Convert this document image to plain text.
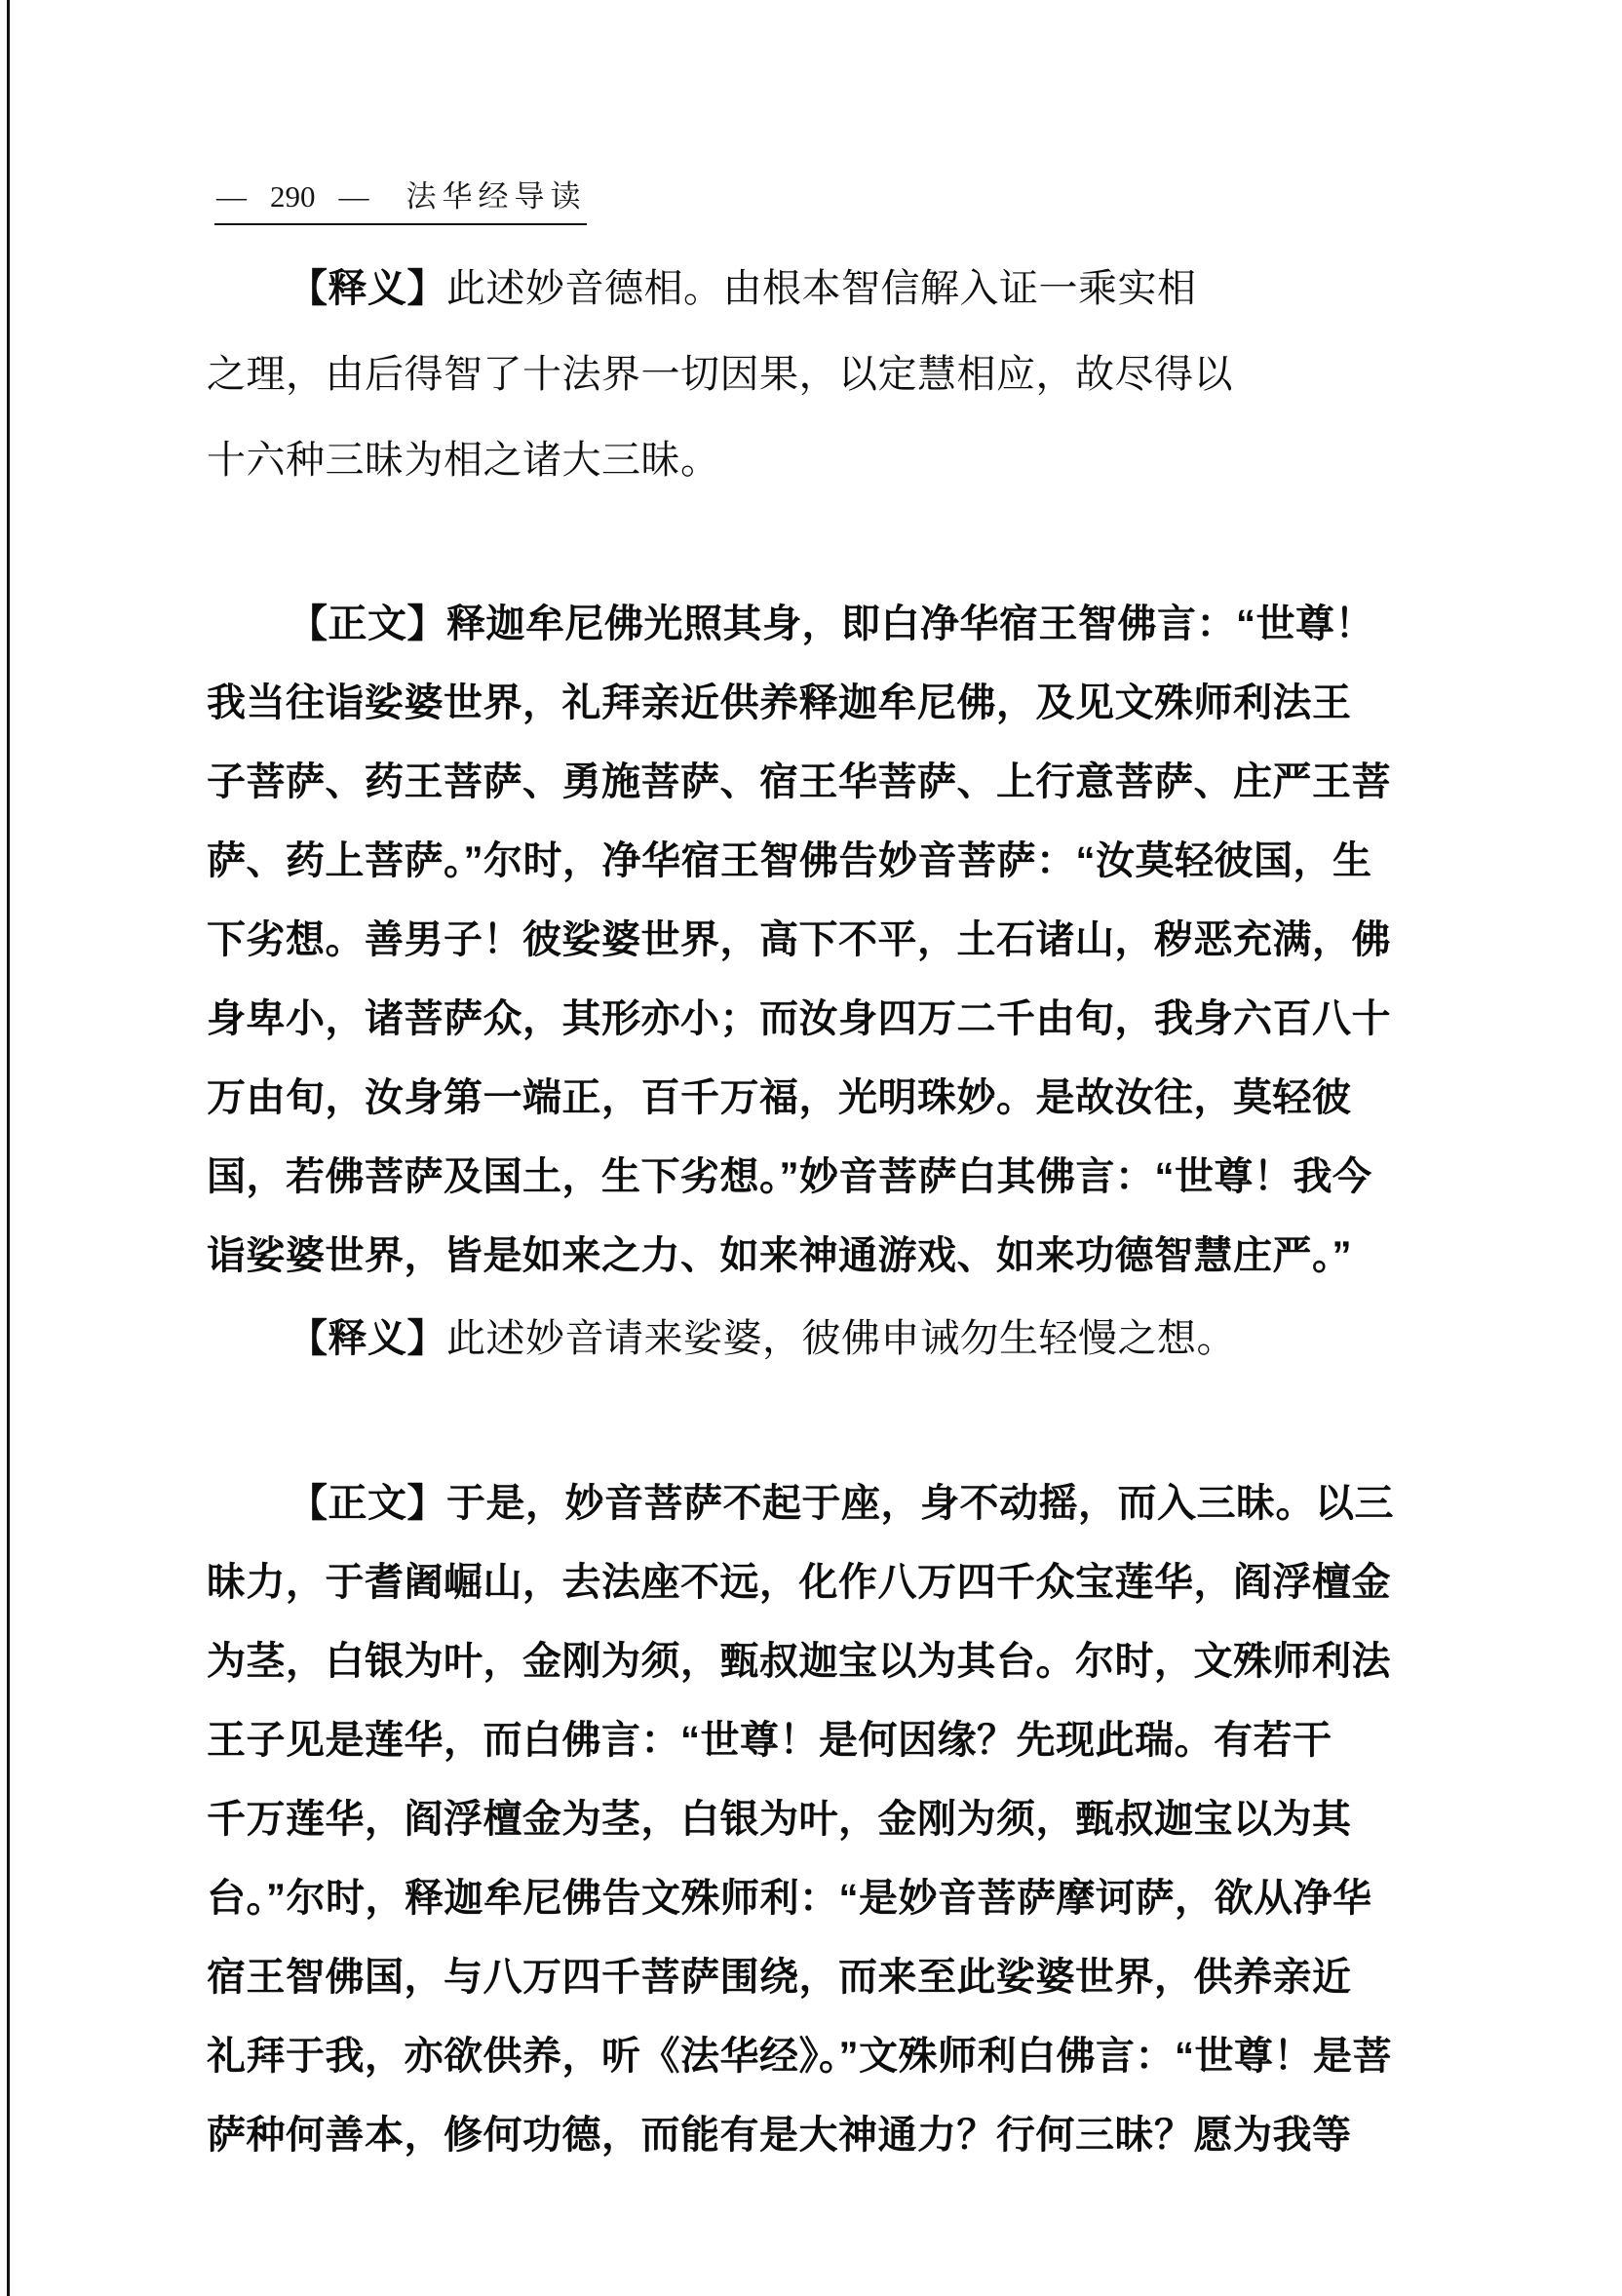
— 290 — 法华经导读
【释义】此述妙音德相。由根本智信解入证一乘实相
之理，由后得智了十法界一切因果，以定慧相应，故尽得以
十六种三昧为相之诸大三昧。
【正文】释迦牟尼佛光照其身，即白净华宿王智佛言：“世尊！
我当往诣娑婆世界，礼拜亲近供养释迦牟尼佛，及见文殊师利法王
子菩萨、药王菩萨、勇施菩萨、宿王华菩萨、上行意菩萨、庄严王菩
萨、药上菩萨。”尔时，净华宿王智佛告妙音菩萨：“汝莫轻彼国，生
下劣想。善男子！彼娑婆世界，高下不平，土石诸山，秽恶充满，佛
身卑小，诸菩萨众，其形亦小；而汝身四万二千由旬，我身六百八十
万由旬，汝身第一端正，百千万福，光明珠妙。是故汝往，莫轻彼
国，若佛菩萨及国土，生下劣想。”妙音菩萨白其佛言：“世尊！我今
诣娑婆世界，皆是如来之力、如来神通游戏、如来功德智慧庄严。”
【释义】此述妙音请来娑婆，彼佛申诫勿生轻慢之想。
【正文】于是，妙音菩萨不起于座，身不动摇，而入三昧。以三
昧力，于耆阇崛山，去法座不远，化作八万四千众宝莲华，阎浮檀金
为茎，白银为叶，金刚为须，甄叔迦宝以为其台。尔时，文殊师利法
王子见是莲华，而白佛言：“世尊！是何因缘？先现此瑞。有若干
千万莲华，阎浮檀金为茎，白银为叶，金刚为须，甄叔迦宝以为其
台。”尔时，释迦牟尼佛告文殊师利：“是妙音菩萨摩诃萨，欲从净华
宿王智佛国，与八万四千菩萨围绕，而来至此娑婆世界，供养亲近
礼拜于我，亦欲供养，听《法华经》。”文殊师利白佛言：“世尊！是菩
萨种何善本，修何功德，而能有是大神通力？行何三昧？愿为我等
